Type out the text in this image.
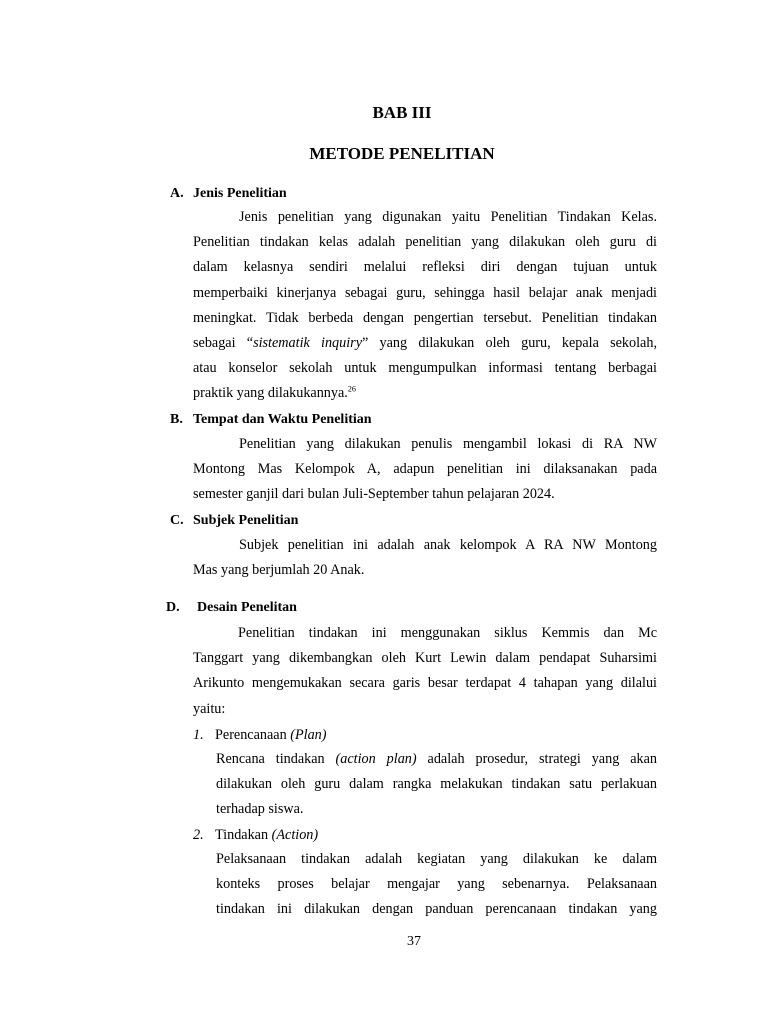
BAB III
METODE PENELITIAN
A. Jenis Penelitian
Jenis penelitian yang digunakan yaitu Penelitian Tindakan Kelas.
Penelitian tindakan kelas adalah penelitian yang dilakukan oleh guru di
dalam kelasnya sendiri melalui refleksi diri dengan tujuan untuk
memperbaiki kinerjanya sebagai guru, sehingga hasil belajar anak menjadi
meningkat. Tidak berbeda dengan pengertian tersebut. Penelitian tindakan
sebagai “sistematik inquiry” yang dilakukan oleh guru, kepala sekolah,
atau konselor sekolah untuk mengumpulkan informasi tentang berbagai
praktik yang dilakukannya.$^{26}$
B. Tempat dan Waktu Penelitian
Penelitian yang dilakukan penulis mengambil lokasi di RA NW
Montong Mas Kelompok A, adapun penelitian ini dilaksanakan pada
semester ganjil dari bulan Juli-September tahun pelajaran 2024.
C. Subjek Penelitian
Subjek penelitian ini adalah anak kelompok A RA NW Montong
Mas yang berjumlah 20 Anak.
D. Desain Penelitan
Penelitian tindakan ini menggunakan siklus Kemmis dan Mc
Tanggart yang dikembangkan oleh Kurt Lewin dalam pendapat Suharsimi
Arikunto mengemukakan secara garis besar terdapat 4 tahapan yang dilalui
yaitu:
1. Perencanaan (Plan)
Rencana tindakan (action plan) adalah prosedur, strategi yang akan
dilakukan oleh guru dalam rangka melakukan tindakan satu perlakuan
terhadap siswa.
2. Tindakan (Action)
Pelaksanaan tindakan adalah kegiatan yang dilakukan ke dalam
konteks proses belajar mengajar yang sebenarnya. Pelaksanaan
tindakan ini dilakukan dengan panduan perencanaan tindakan yang
37
